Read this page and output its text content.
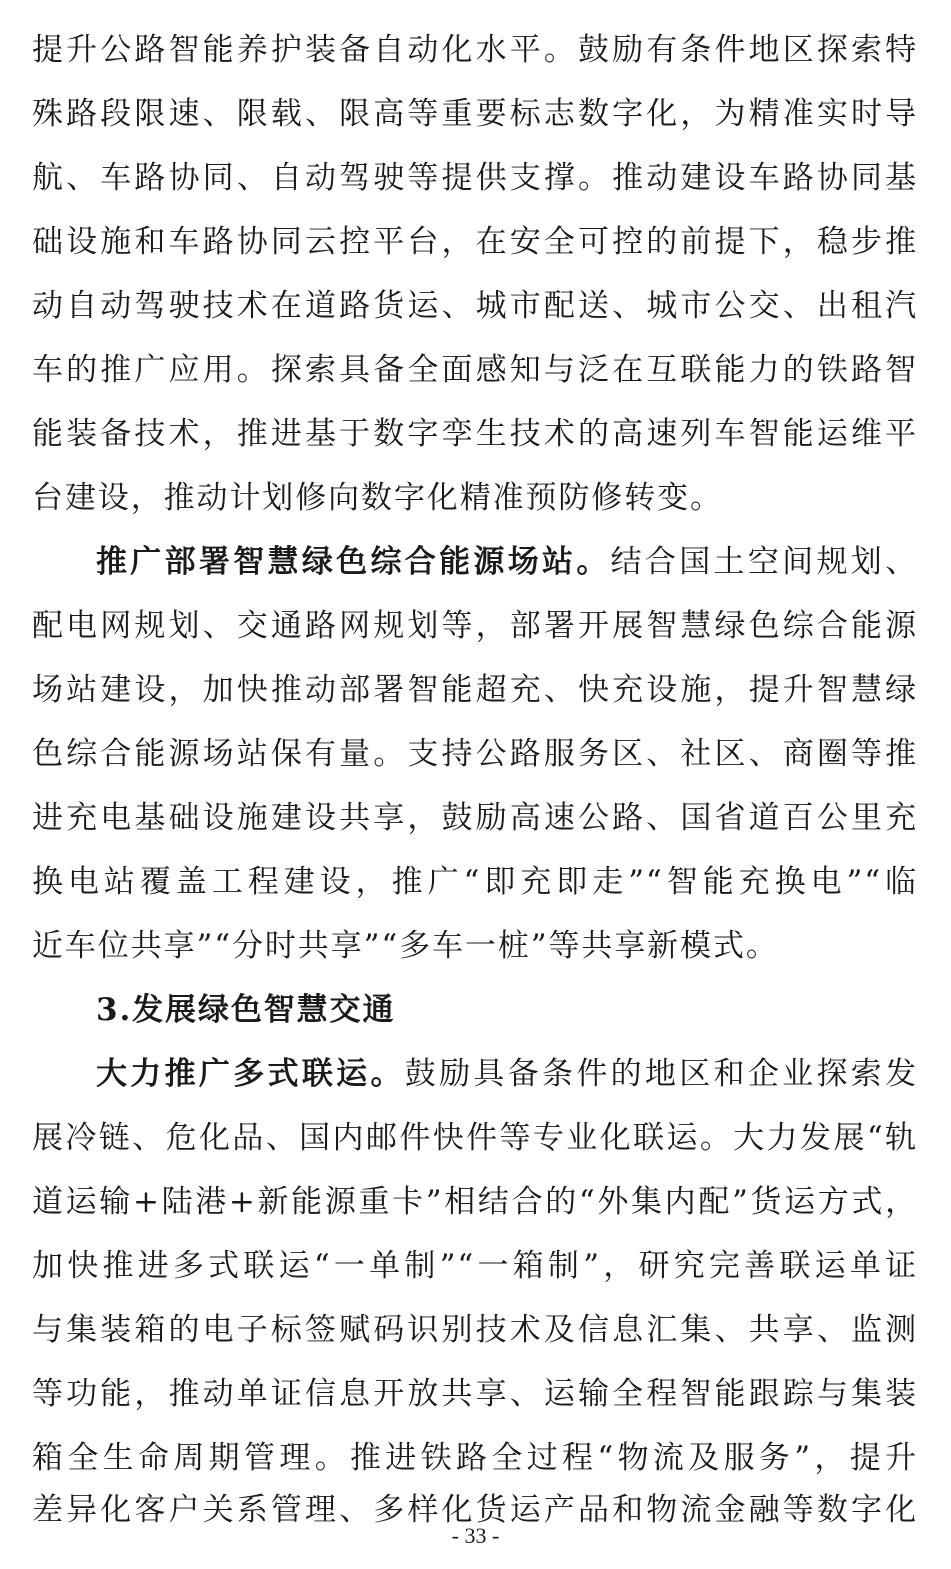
提升公路智能养护装备自动化水平。鼓励有条件地区探索特
殊路段限速、限载、限高等重要标志数字化，为精准实时导
航、车路协同、自动驾驶等提供支撑。推动建设车路协同基
础设施和车路协同云控平台，在安全可控的前提下，稳步推
动自动驾驶技术在道路货运、城市配送、城市公交、出租汽
车的推广应用。探索具备全面感知与泛在互联能力的铁路智
能装备技术，推进基于数字孪生技术的高速列车智能运维平
台建设，推动计划修向数字化精准预防修转变。
推广部署智慧绿色综合能源场站。结合国土空间规划、
配电网规划、交通路网规划等，部署开展智慧绿色综合能源
场站建设，加快推动部署智能超充、快充设施，提升智慧绿
色综合能源场站保有量。支持公路服务区、社区、商圈等推
进充电基础设施建设共享，鼓励高速公路、国省道百公里充
换电站覆盖工程建设，推广“即充即走”“智能充换电”“临
近车位共享”“分时共享”“多车一桩”等共享新模式。
3.发展绿色智慧交通
大力推广多式联运。鼓励具备条件的地区和企业探索发
展冷链、危化品、国内邮件快件等专业化联运。大力发展“轨
道运输+陆港+新能源重卡”相结合的“外集内配”货运方式，
加快推进多式联运“一单制”“一箱制”，研究完善联运单证
与集装箱的电子标签赋码识别技术及信息汇集、共享、监测
等功能，推动单证信息开放共享、运输全程智能跟踪与集装
箱全生命周期管理。推进铁路全过程“物流及服务”，提升
差异化客户关系管理、多样化货运产品和物流金融等数字化
- 33 -
